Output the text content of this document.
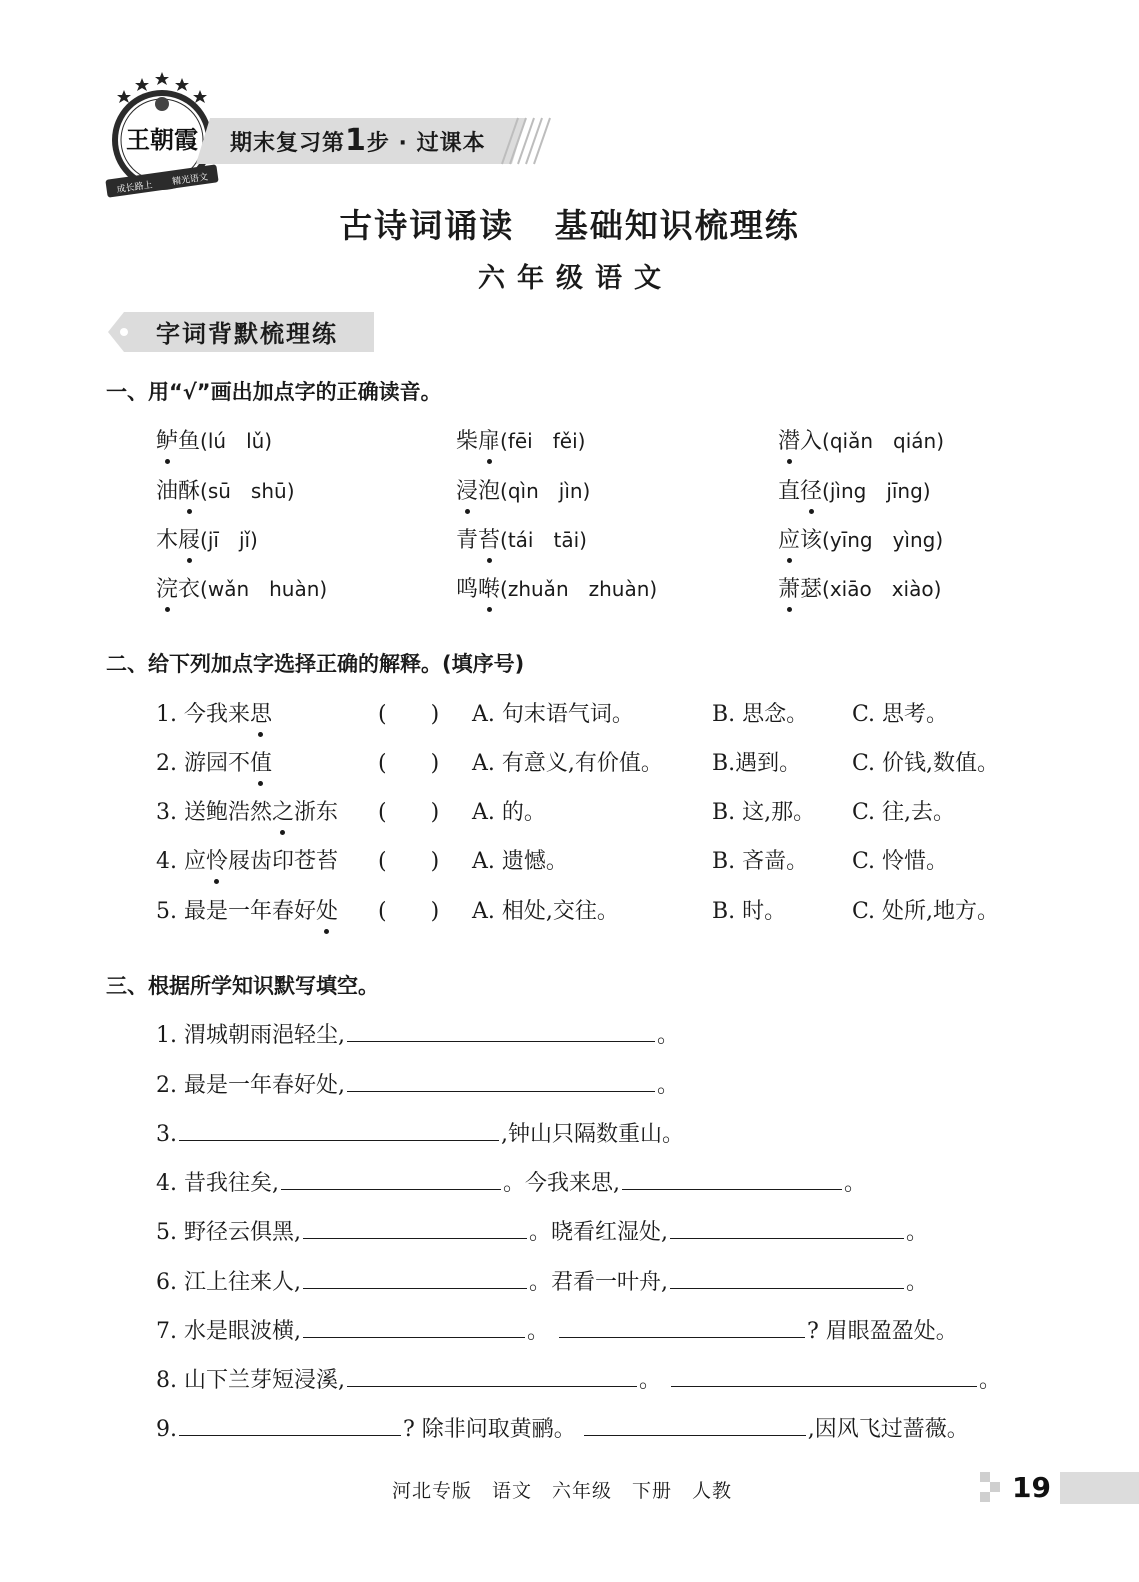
王朝霞
成长路上
精光语文
期末复习第1步 · 过课本
古诗词诵读   基础知识梳理练
六年级语文
字词背默梳理练
一、用“√”画出加点字的正确读音。
鲈鱼(lú　lǔ)	柴扉(fēi　fěi)	潜入(qiǎn　qián)
油酥(sū　shū)	浸泡(qìn　jìn)	直径(jìng　jīng)
木屐(jī　jǐ)	青苔(tái　tāi)	应该(yīng　yìng)
浣衣(wǎn　huàn)	鸣啭(zhuǎn　zhuàn)	萧瑟(xiāo　xiào)
二、给下列加点字选择正确的解释。(填序号)
1. 今我来思	(　　) A. 句末语气词。	B. 思念。 C. 思考。
2. 游园不值	(　　) A. 有意义,有价值。 B.遇到。 C. 价钱,数值。
3. 送鲍浩然之浙东 (　　) A. 的。	B. 这,那。 C. 往,去。
4. 应怜屐齿印苍苔 (　　) A. 遗憾。	B. 吝啬。 C. 怜惜。
5. 最是一年春好处 (　　) A. 相处,交往。	B. 时。	C. 处所,地方。
三、根据所学知识默写填空。
1. 渭城朝雨浥轻尘,	。
2. 最是一年春好处,	。
3.	,钟山只隔数重山。
4. 昔我往矣,	。今我来思,	。
5. 野径云俱黑,	。晓看红湿处,	。
6. 江上往来人,	。君看一叶舟,	。
7. 水是眼波横,	。	? 眉眼盈盈处。
8. 山下兰芽短浸溪,	。	。
9.	? 除非问取黄鹂。	,因风飞过蔷薇。
河北专版　语文　六年级　下册　人教	19
